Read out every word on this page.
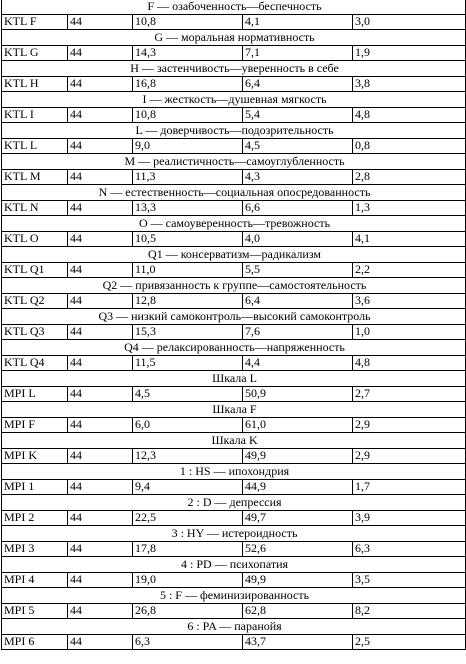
F — озабоченность—беспечность				
KTL F	44	10,8	4,1	3,0
G — моральная нормативность				
KTL G	44	14,3	7,1	1,9
H — застенчивость—уверенность в себе				
KTL H	44	16,8	6,4	3,8
I — жесткость—душевная мягкость				
KTL I	44	10,8	5,4	4,8
L — доверчивость—подозрительность				
KTL L	44	9,0	4,5	0,8
M — реалистичность—самоуглубленность				
KTL M	44	11,3	4,3	2,8
N — естественность—социальная опосредованность				
KTL N	44	13,3	6,6	1,3
O — самоуверенность—тревожность				
KTL O	44	10,5	4,0	4,1
Q1 — консерватизм—радикализм				
KTL Q1	44	11,0	5,5	2,2
Q2 — привязанность к группе—самостоятельность				
KTL Q2	44	12,8	6,4	3,6
Q3 — низкий самоконтроль—высокий самоконтроль				
KTL Q3	44	15,3	7,6	1,0
Q4 — релаксированность—напряженность				
KTL Q4	44	11,5	4,4	4,8
Шкала L				
MPI L	44	4,5	50,9	2,7
Шкала F				
MPI F	44	6,0	61,0	2,9
Шкала K				
MPI K	44	12,3	49,9	2,9
1 : HS — ипохондрия				
MPI 1	44	9,4	44,9	1,7
2 : D — депрессия				
MPI 2	44	22,5	49,7	3,9
3 : HY — истероидность				
MPI 3	44	17,8	52,6	6,3
4 : PD — психопатия				
MPI 4	44	19,0	49,9	3,5
5 : F — феминизированность				
MPI 5	44	26,8	62,8	8,2
6 : PA — паранойя				
MPI 6	44	6,3	43,7	2,5
